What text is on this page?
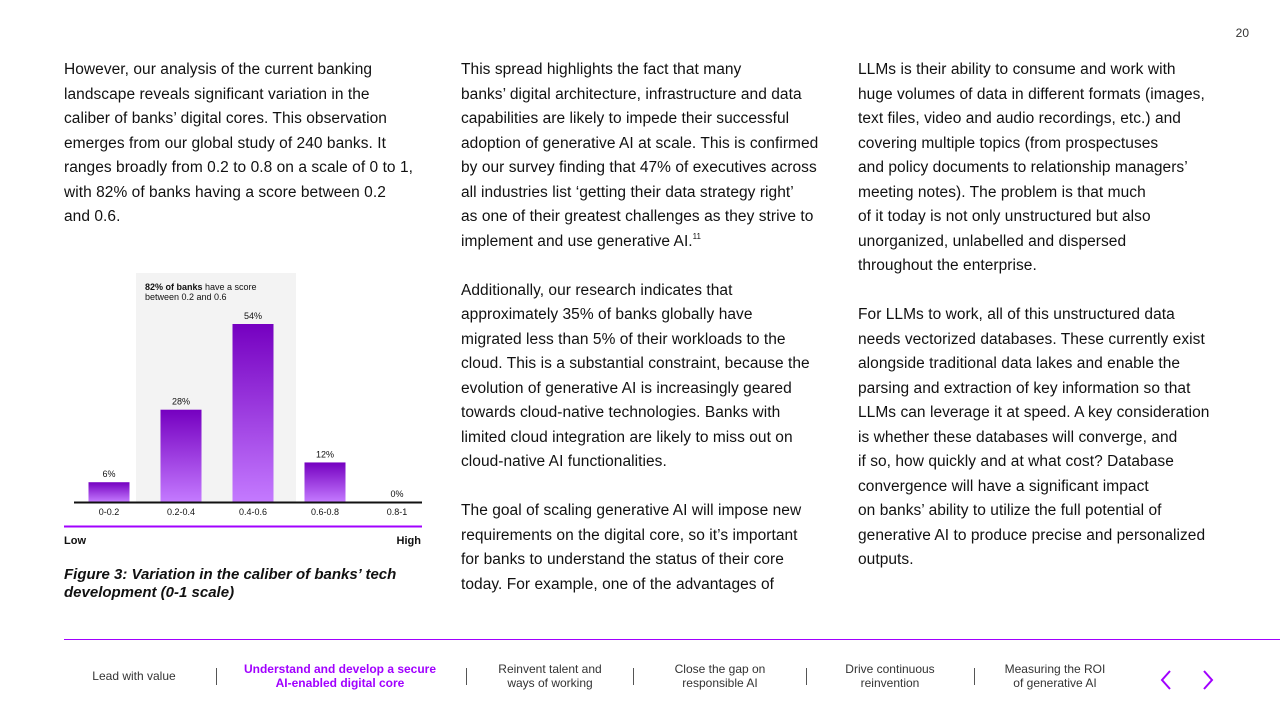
20
However, our analysis of the current banking
landscape reveals significant variation in the
caliber of banks’ digital cores. This observation
emerges from our global study of 240 banks. It
ranges broadly from 0.2 to 0.8 on a scale of 0 to 1,
with 82% of banks having a score between 0.2
and 0.6.
This spread highlights the fact that many
banks’ digital architecture, infrastructure and data
capabilities are likely to impede their successful
adoption of generative AI at scale. This is confirmed
by our survey finding that 47% of executives across
all industries list ‘getting their data strategy right’
as one of their greatest challenges as they strive to
implement and use generative AI.$^{11}$
Additionally, our research indicates that
approximately 35% of banks globally have
migrated less than 5% of their workloads to the
cloud. This is a substantial constraint, because the
evolution of generative AI is increasingly geared
towards cloud-native technologies. Banks with
limited cloud integration are likely to miss out on
cloud-native AI functionalities.
The goal of scaling generative AI will impose new
requirements on the digital core, so it’s important
for banks to understand the status of their core
today. For example, one of the advantages of
LLMs is their ability to consume and work with
huge volumes of data in different formats (images,
text files, video and audio recordings, etc.) and
covering multiple topics (from prospectuses
and policy documents to relationship managers’
meeting notes). The problem is that much
of it today is not only unstructured but also
unorganized, unlabelled and dispersed
throughout the enterprise.
For LLMs to work, all of this unstructured data
needs vectorized databases. These currently exist
alongside traditional data lakes and enable the
parsing and extraction of key information so that
LLMs can leverage it at speed. A key consideration
is whether these databases will converge, and
if so, how quickly and at what cost? Database
convergence will have a significant impact
on banks’ ability to utilize the full potential of
generative AI to produce precise and personalized
outputs.
82% of banks have a score
between 0.2 and 0.6
6%
0-0.2
28%
0.2-0.4
54%
0.4-0.6
12%
0.6-0.8
0%
0.8-1
Low	High
Figure 3: Variation in the caliber of banks’ tech development (0-1 scale)
Lead with value	Understand and develop a secure
AI-enabled digital core
Reinvent talent and
ways of working
Close the gap on
responsible AI
Drive continuous
reinvention
Measuring the ROI
of generative AI
